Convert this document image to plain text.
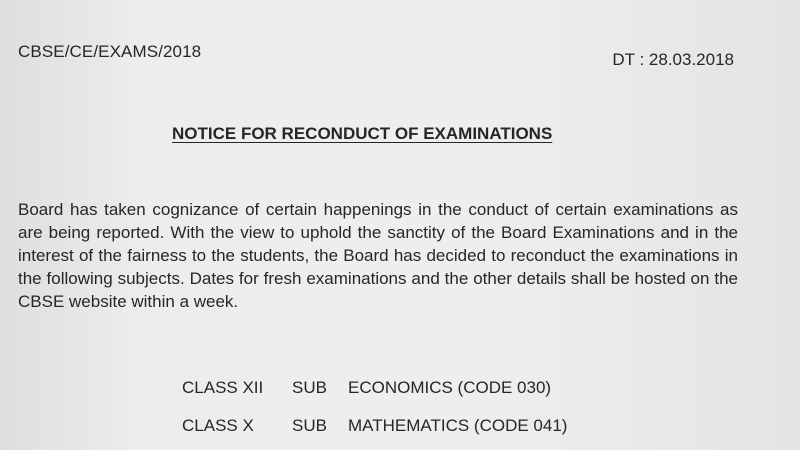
CBSE/CE/EXAMS/2018	DT : 28.03.2018
NOTICE FOR RECONDUCT OF EXAMINATIONS
Board has taken cognizance of certain happenings in the conduct of certain examinations as are being reported. With the view to uphold the sanctity of the Board Examinations and in the interest of the fairness to the students, the Board has decided to reconduct the examinations in the following subjects. Dates for fresh examinations and the other details shall be hosted on the CBSE website within a week.
CLASS XII SUB ECONOMICS (CODE 030)
CLASS X SUB MATHEMATICS (CODE 041)
